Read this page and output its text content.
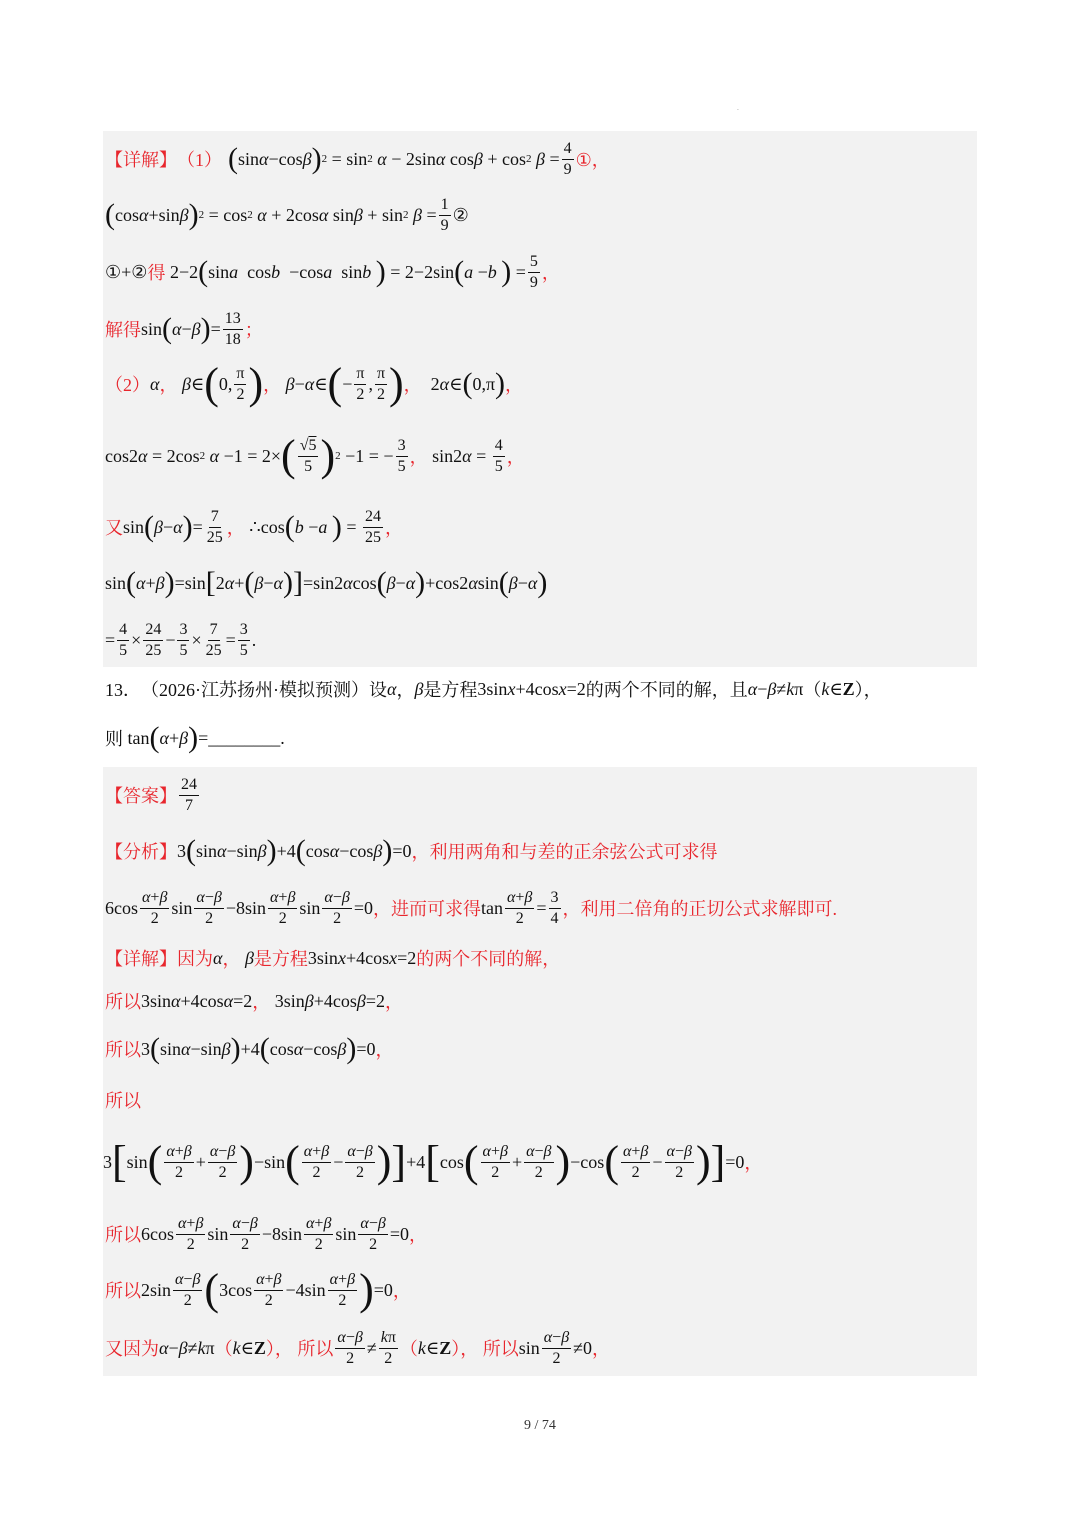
·
【详解】 （1） ( sin α −cos β ) 2 = sin 2 α − 2sin α cos β + cos 2 $\beta = \frac{4}{9}$ ①，
( cos α +sin β ) 2 = cos 2 α + 2cos α sin β + sin 2 $\beta = \frac{1}{9}$ ②
①+② 得 2−2 ( sin a cos b −cos a sin b
) = 2−2sin ( a − b
) = $\frac{5}{9}$ ，
解得 sin ( α − β ) = $\frac{13}{18}$ ；
（2） α ，
β ∈ ( 0, $\frac{\pi}{2}$ ) ，
β − α ∈ ( − $\frac{\pi}{2}$ , $\frac{\pi}{2}$ ) ， 2 α ∈ ( 0,π ) ，
cos2 α = 2cos 2 α −1 = 2× ( $\frac{√5}{5}$ ) 2 −1 = − $\frac{3}{5}$ ， sin2 $\alpha = \frac{4}{5}$ ，
又 sin ( β − α ) = $\frac{7}{25}$ ， ∴cos ( b − a
) = $\frac{24}{25}$ ，
sin ( α + β ) =sin [ 2 α + ( β − α ) ] =sin2 α cos ( β − α ) +cos2 α sin ( β − α )
= $\frac{4}{5} \times \frac{24}{25} - \frac{3}{5} \times \frac{7}{25} = \frac{3}{5}$ .
13． （2026·江苏扬州·模拟预测） 设 α ， β 是方程 3sin x +4cos x =2 的两个不同的解，且 α − β ≠ k π （ k ∈ Z ），
则 tan ( α + β ) = ________.
【答案】 $\frac{24}{7}$
【分析】 3 ( sin α −sin β ) +4 ( cos α −cos β ) =0 ，利用两角和与差的正余弦公式可求得
$6\cos \frac{\alpha+\beta}{2}$ $\sin \frac{\alpha-\beta}{2} -8\sin \frac{\alpha+\beta}{2}$ $\sin \frac{\alpha-\beta}{2} =0$ ，进而可求得 $\tan \frac{\alpha+\beta}{2} = \frac{3}{4}$ ，利用二倍角的正切公式求解即可.
【详解】 因为 α ，
β 是方程 3sin x +4cos x =2 的两个不同的解，
所以 3sin α +4cos α =2 ， 3sin β +4cos β =2 ，
所以 3 ( sin α −sin β ) +4 ( cos α −cos β ) =0 ，
所以
3 [ sin ( $\frac{\alpha+\beta}{2} + \frac{\alpha-\beta}{2}$ ) −sin ( $\frac{\alpha+\beta}{2} - \frac{\alpha-\beta}{2}$ ) ] +4 [ cos ( $\frac{\alpha+\beta}{2} + \frac{\alpha-\beta}{2}$ ) −cos ( $\frac{\alpha+\beta}{2} - \frac{\alpha-\beta}{2}$ ) ] =0 ，
所以 $6\cos \frac{\alpha+\beta}{2}$ $\sin \frac{\alpha-\beta}{2} -8\sin \frac{\alpha+\beta}{2}$ $\sin \frac{\alpha-\beta}{2} =0$ ，
所以 $2\sin \frac{\alpha-\beta}{2}$ ( $3\cos \frac{\alpha+\beta}{2} -4\sin \frac{\alpha+\beta}{2}$ ) =0 ，
又因为 α − β ≠ k π （ k ∈ Z ），
所以 $\frac{\alpha-\beta}{2} \ne \frac{k\pi}{2}$ （ k ∈ Z ），
所以 $\sin \frac{\alpha-\beta}{2} \ne 0$ ，
9 / 74
